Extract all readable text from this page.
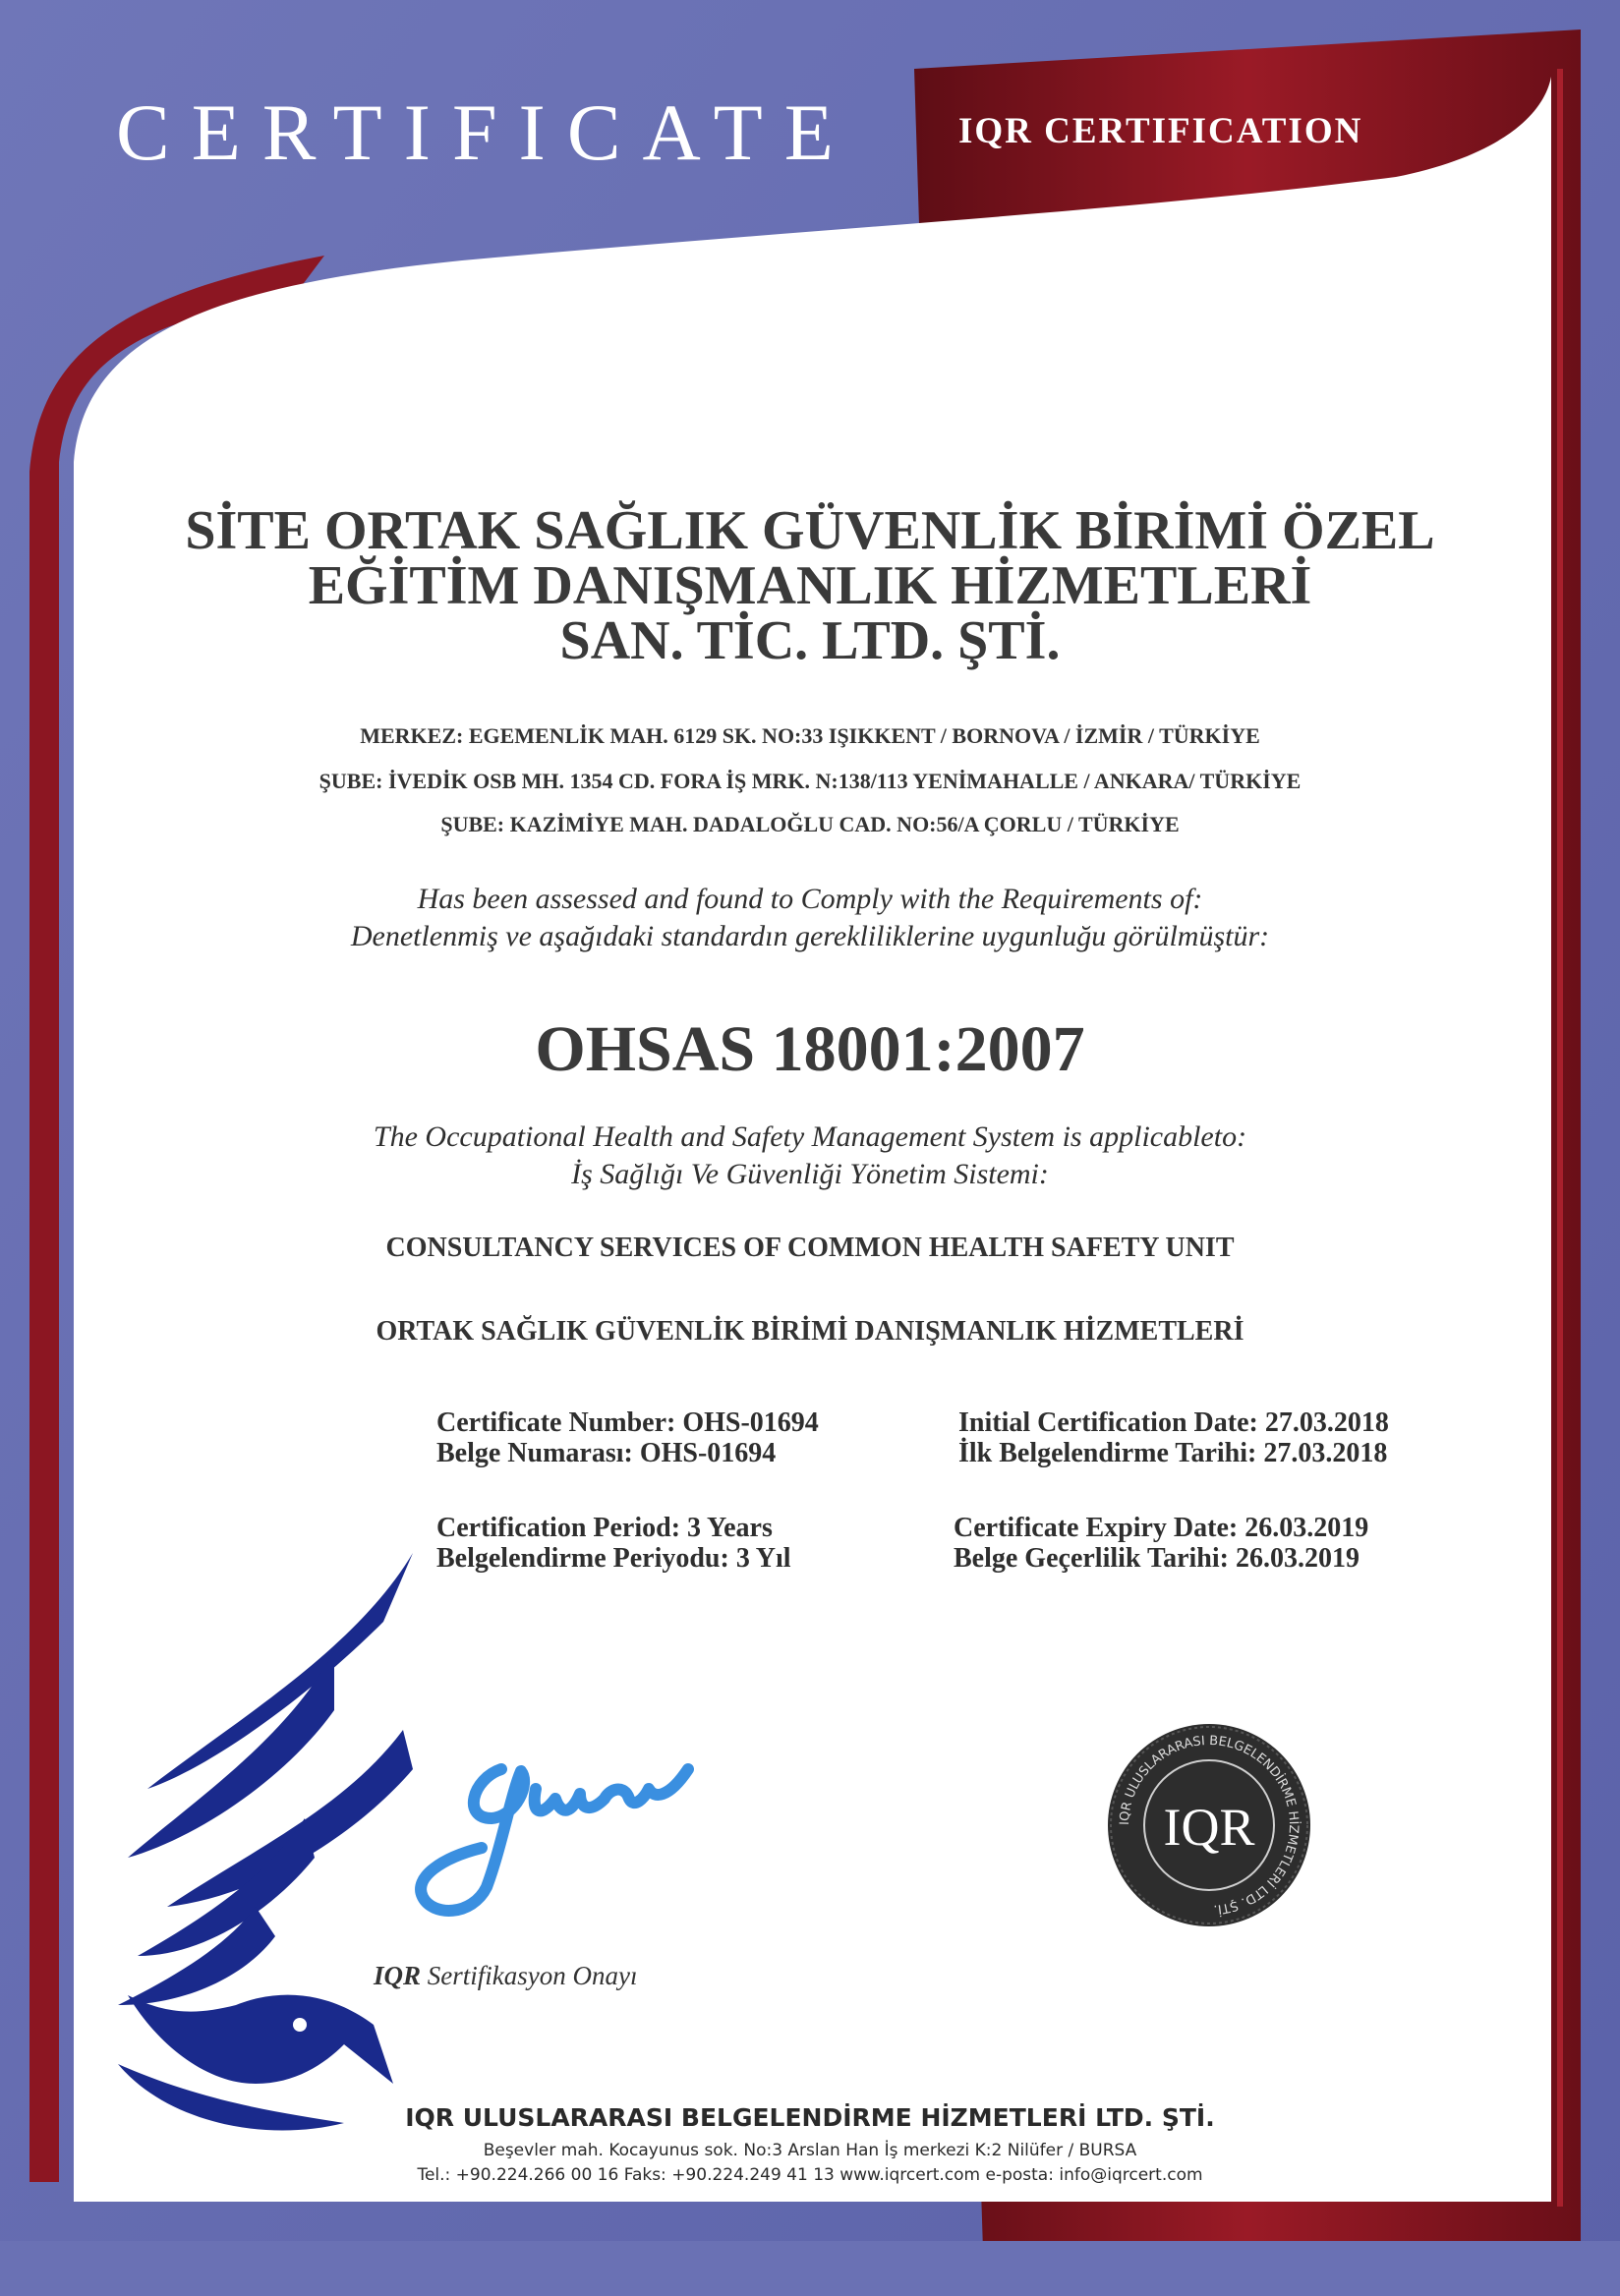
CERTIFICATE	IQR CERTIFICATION
SİTE ORTAK SAĞLIK GÜVENLİK BİRİMİ ÖZEL
EĞİTİM DANIŞMANLIK HİZMETLERİ
SAN. TİC. LTD. ŞTİ.
MERKEZ: EGEMENLİK MAH. 6129 SK. NO:33 IŞIKKENT / BORNOVA / İZMİR / TÜRKİYE
ŞUBE: İVEDİK OSB MH. 1354 CD. FORA İŞ MRK. N:138/113 YENİMAHALLE / ANKARA/ TÜRKİYE
ŞUBE: KAZİMİYE MAH. DADALOĞLU CAD. NO:56/A ÇORLU / TÜRKİYE
Has been assessed and found to Comply with the Requirements of:
Denetlenmiş ve aşağıdaki standardın gerekliliklerine uygunluğu görülmüştür:
OHSAS 18001:2007
The Occupational Health and Safety Management System is applicableto:
İş Sağlığı Ve Güvenliği Yönetim Sistemi:
CONSULTANCY SERVICES OF COMMON HEALTH SAFETY UNIT
ORTAK SAĞLIK GÜVENLİK BİRİMİ DANIŞMANLIK HİZMETLERİ
Certificate Number: OHS-01694
Belge Numarası: OHS-01694
Initial Certification Date: 27.03.2018
İlk Belgelendirme Tarihi: 27.03.2018
Certification Period: 3 Years
Belgelendirme Periyodu: 3 Yıl
Certificate Expiry Date: 26.03.2019
Belge Geçerlilik Tarihi: 26.03.2019
IQR Sertifikasyon Onayı
IQR ULUSLARARASI BELGELENDİRME HİZMETLERİ LTD. ŞTİ.
IQR
IQR ULUSLARARASI BELGELENDİRME HİZMETLERİ LTD. ŞTİ.
Beşevler mah. Kocayunus sok. No:3 Arslan Han İş merkezi K:2 Nilüfer / BURSA
Tel.: +90.224.266 00 16 Faks: +90.224.249 41 13 www.iqrcert.com e-posta: info@iqrcert.com
